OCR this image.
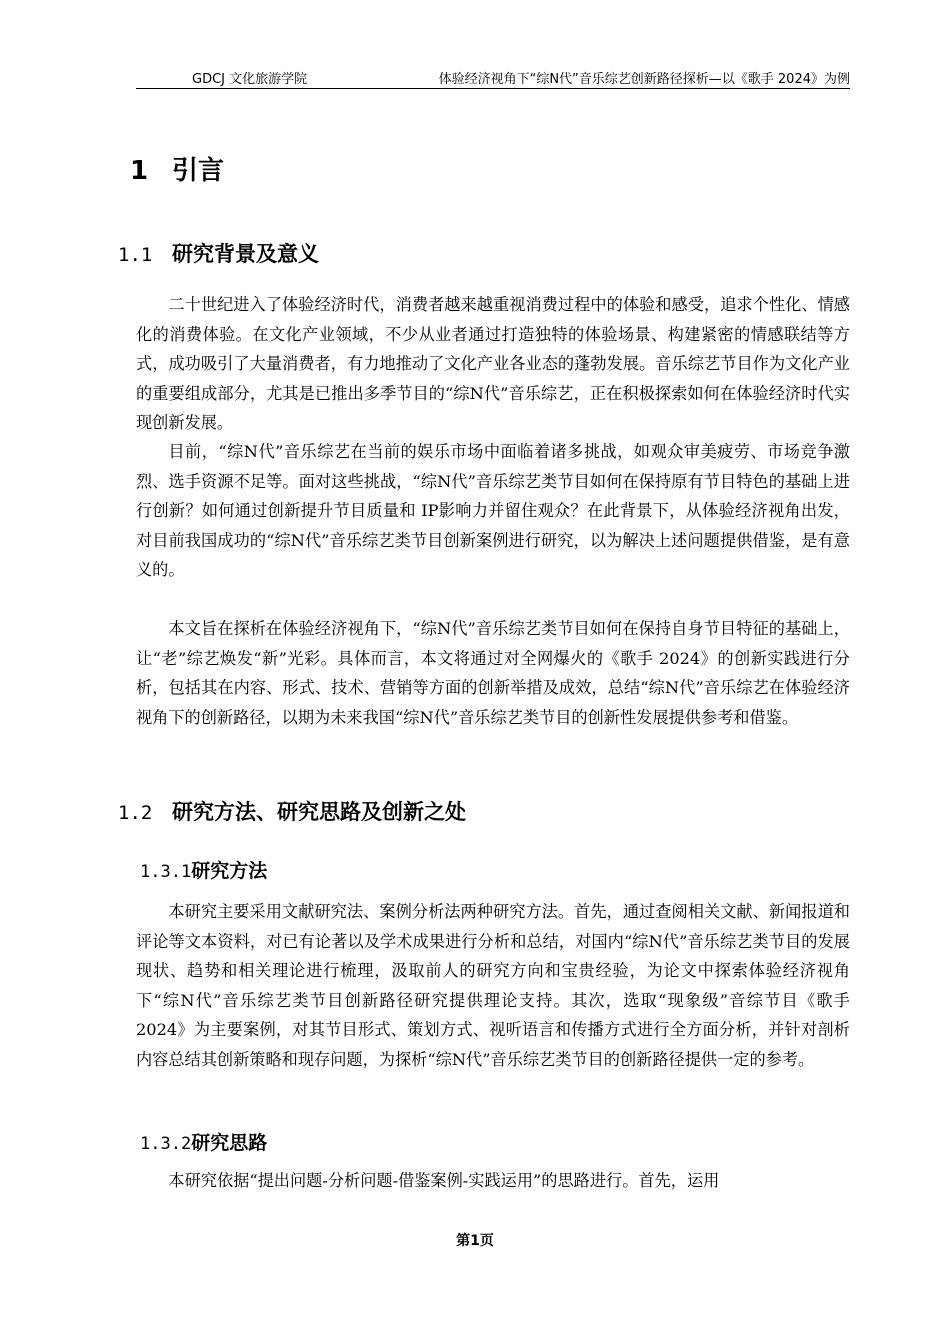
GDCJ 文化旅游学院	体验经济视角下“综N代”音乐综艺创新路径探析—以《歌手 2024》为例
1 引言
1.1 研究背景及意义

二十世纪进入了体验经济时代，消费者越来越重视消费过程中的体验和感受，追求个性化、情感化的消费体验。在文化产业领域，不少从业者通过打造独特的体验场景、构建紧密的情感联结等方式，成功吸引了大量消费者，有力地推动了文化产业各业态的蓬勃发展。音乐综艺节目作为文化产业的重要组成部分，尤其是已推出多季节目的“综N代”音乐综艺，正在积极探索如何在体验经济时代实现创新发展。

目前，“综N代”音乐综艺在当前的娱乐市场中面临着诸多挑战，如观众审美疲劳、市场竞争激烈、选手资源不足等。面对这些挑战，“综N代”音乐综艺类节目如何在保持原有节目特色的基础上进行创新？如何通过创新提升节目质量和 IP影响力并留住观众？在此背景下，从体验经济视角出发，对目前我国成功的“综N代”音乐综艺类节目创新案例进行研究，以为解决上述问题提供借鉴，是有意义的。

本文旨在探析在体验经济视角下，“综N代”音乐综艺类节目如何在保持自身节目特征的基础上，让“老”综艺焕发“新”光彩。具体而言，本文将通过对全网爆火的《歌手 2024》的创新实践进行分析，包括其在内容、形式、技术、营销等方面的创新举措及成效，总结“综N代”音乐综艺在体验经济视角下的创新路径，以期为未来我国“综N代”音乐综艺类节目的创新性发展提供参考和借鉴。

1.2 研究方法、研究思路及创新之处
1.3.1研究方法

本研究主要采用文献研究法、案例分析法两种研究方法。首先，通过查阅相关文献、新闻报道和评论等文本资料，对已有论著以及学术成果进行分析和总结，对国内“综N代”音乐综艺类节目的发展现状、趋势和相关理论进行梳理，汲取前人的研究方向和宝贵经验，为论文中探索体验经济视角下“综N代”音乐综艺类节目创新路径研究提供理论支持。其次，选取“现象级”音综节目《歌手 2024》为主要案例，对其节目形式、策划方式、视听语言和传播方式进行全方面分析，并针对剖析内容总结其创新策略和现存问题，为探析“综N代”音乐综艺类节目的创新路径提供一定的参考。

1.3.2研究思路

本研究依据“提出问题-分析问题-借鉴案例-实践运用”的思路进行。首先，运用

第1页
